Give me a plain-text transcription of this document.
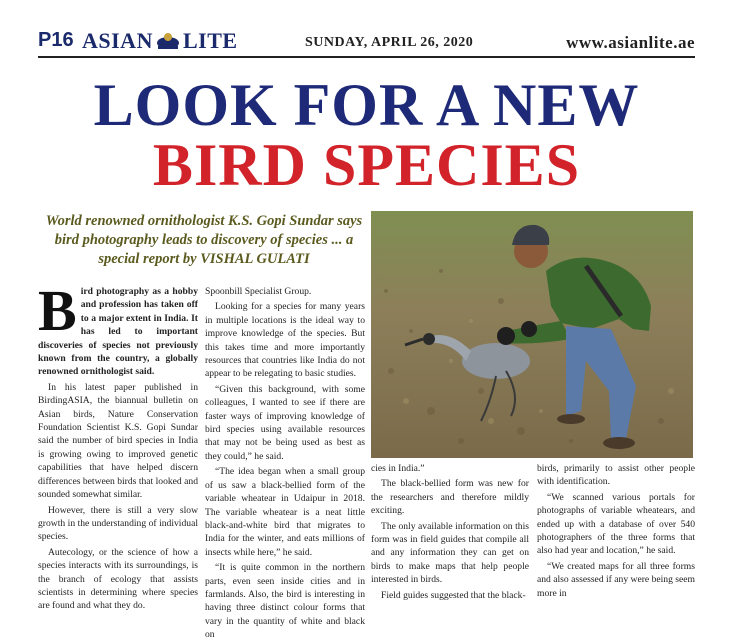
P16 ASIAN LITE	SUNDAY, APRIL 26, 2020	www.asianlite.ae
LOOK FOR A NEW
BIRD SPECIES
World renowned ornithologist K.S. Gopi Sundar says bird photography leads to discovery of species ... a special report by VISHAL GULATI

Bird photography as a hobby and profession has taken off to a major extent in India. It has led to important discoveries of species not previously known from the country, a globally renowned ornithologist said.

In his latest paper published in BirdingASIA, the biannual bulletin on Asian birds, Nature Conservation Foundation Scientist K.S. Gopi Sundar said the number of bird species in India is growing owing to improved genetic capabilities that have helped discern differences between birds that looked and sounded somewhat similar.

However, there is still a very slow growth in the understanding of individual species.

Autecology, or the science of how a species interacts with its surroundings, is the branch of ecology that assists scientists in determining where species are found and what they do.

Spoonbill Specialist Group.

Looking for a species for many years in multiple locations is the ideal way to improve knowledge of the species. But this takes time and more importantly resources that countries like India do not appear to be relegating to basic studies.

“Given this background, with some colleagues, I wanted to see if there are faster ways of improving knowledge of bird species using available resources that may not be being used as best as they could,” he said.

“The idea began when a small group of us saw a black-bellied form of the variable wheatear in Udaipur in 2018. The variable wheatear is a neat little black-and-white bird that migrates to India for the winter, and eats millions of insects while here,” he said.

“It is quite common in the northern parts, even seen inside cities and in farmlands. Also, the bird is interesting in having three distinct colour forms that vary in the quantity of white and black on

cies in India.”

The black-bellied form was new for the researchers and therefore mildly exciting.

The only available information on this form was in field guides that compile all and any information they can get on birds to make maps that help people interested in birds.

Field guides suggested that the black-

birds, primarily to assist other people with identification.

“We scanned various portals for photographs of variable wheatears, and ended up with a database of over 540 photographers of the three forms that also had year and location,” he said.

“We created maps for all three forms and also assessed if any were being seem more in
